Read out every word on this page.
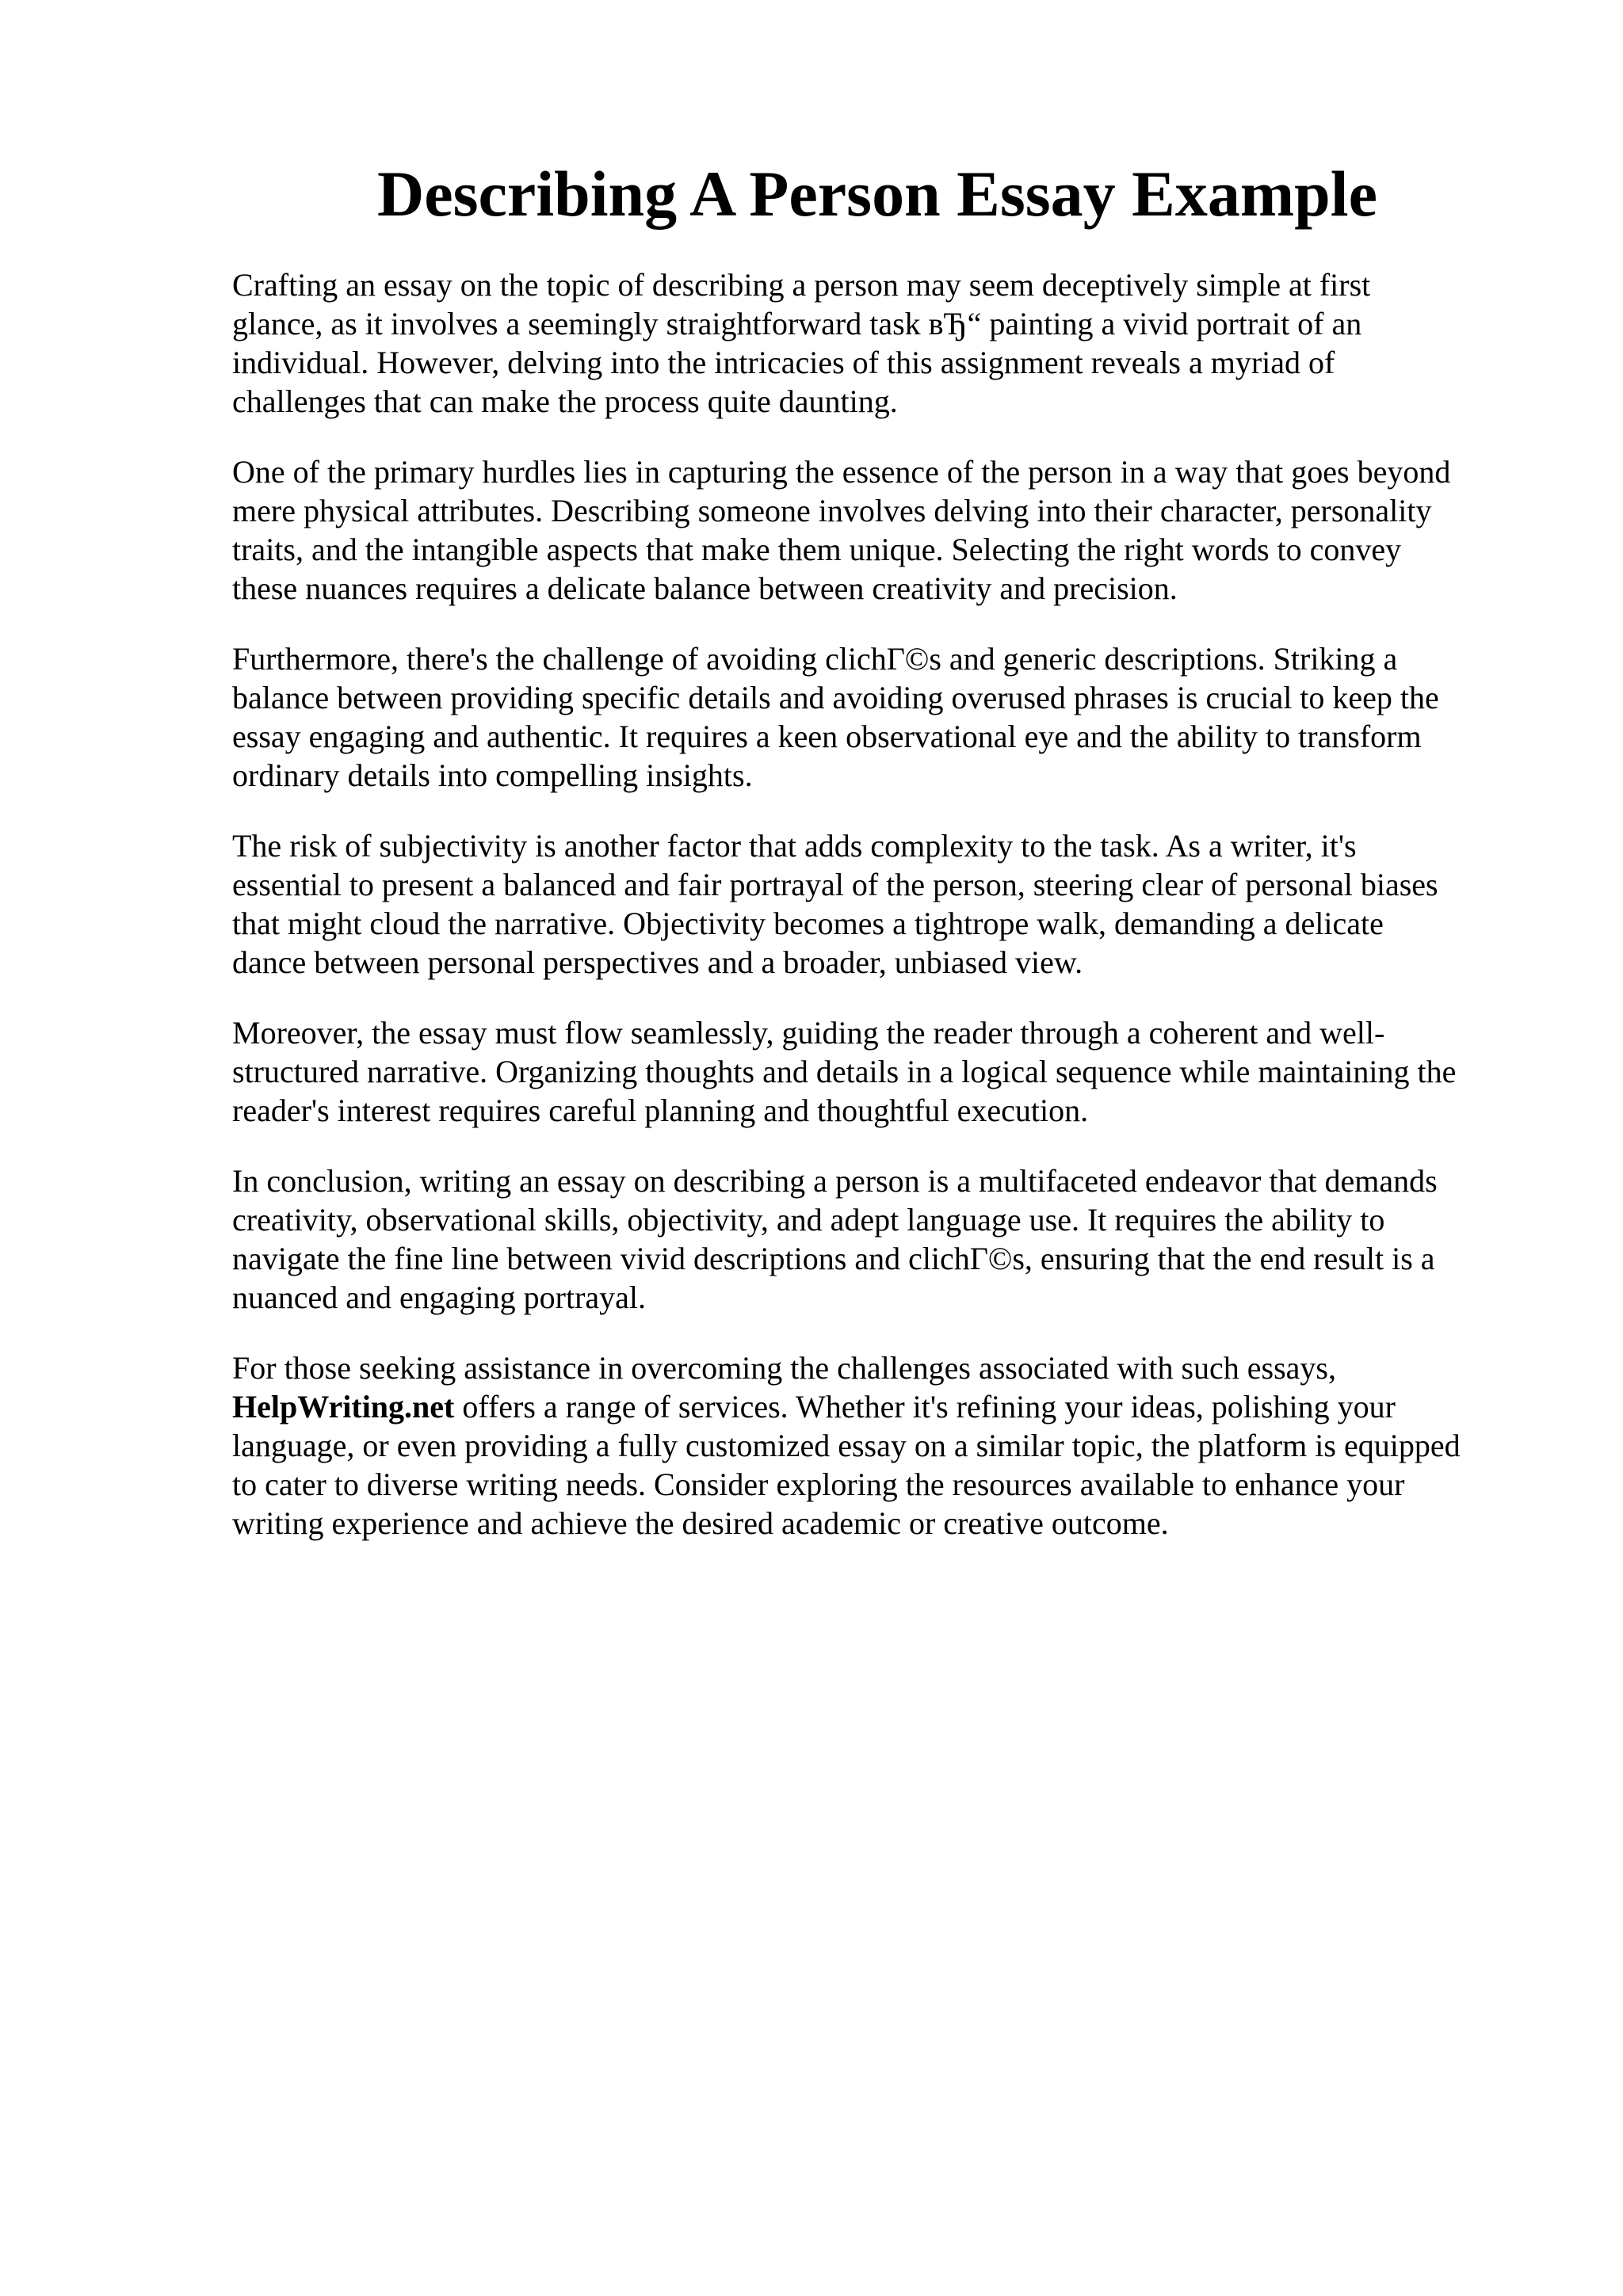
Describing A Person Essay Example

Crafting an essay on the topic of describing a person may seem deceptively simple at first
glance, as it involves a seemingly straightforward task вЂ“ painting a vivid portrait of an
individual. However, delving into the intricacies of this assignment reveals a myriad of
challenges that can make the process quite daunting.

One of the primary hurdles lies in capturing the essence of the person in a way that goes beyond
mere physical attributes. Describing someone involves delving into their character, personality
traits, and the intangible aspects that make them unique. Selecting the right words to convey
these nuances requires a delicate balance between creativity and precision.

Furthermore, there's the challenge of avoiding clichГ©s and generic descriptions. Striking a
balance between providing specific details and avoiding overused phrases is crucial to keep the
essay engaging and authentic. It requires a keen observational eye and the ability to transform
ordinary details into compelling insights.

The risk of subjectivity is another factor that adds complexity to the task. As a writer, it's
essential to present a balanced and fair portrayal of the person, steering clear of personal biases
that might cloud the narrative. Objectivity becomes a tightrope walk, demanding a delicate
dance between personal perspectives and a broader, unbiased view.

Moreover, the essay must flow seamlessly, guiding the reader through a coherent and well-
structured narrative. Organizing thoughts and details in a logical sequence while maintaining the
reader's interest requires careful planning and thoughtful execution.

In conclusion, writing an essay on describing a person is a multifaceted endeavor that demands
creativity, observational skills, objectivity, and adept language use. It requires the ability to
navigate the fine line between vivid descriptions and clichГ©s, ensuring that the end result is a
nuanced and engaging portrayal.

For those seeking assistance in overcoming the challenges associated with such essays,
HelpWriting.net offers a range of services. Whether it's refining your ideas, polishing your
language, or even providing a fully customized essay on a similar topic, the platform is equipped
to cater to diverse writing needs. Consider exploring the resources available to enhance your
writing experience and achieve the desired academic or creative outcome.
